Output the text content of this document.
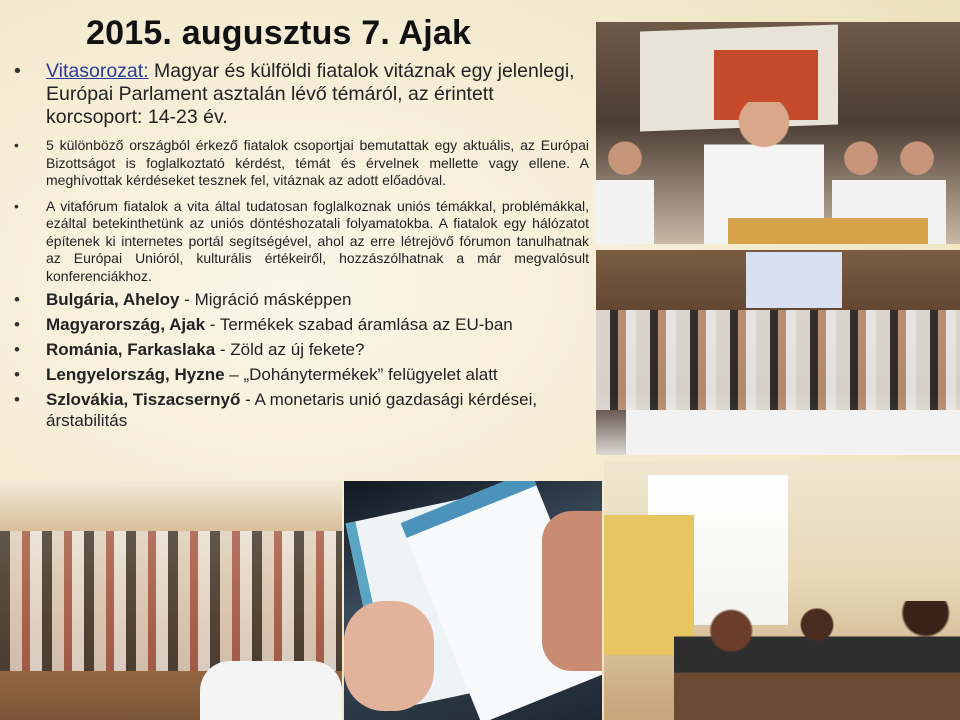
2015. augusztus 7. Ajak
• Vitasorozat: Magyar és külföldi fiatalok vitáznak egy jelenlegi, Európai Parlament asztalán lévő témáról, az érintett korcsoport: 14-23 év.
• 5 különböző országból érkező fiatalok csoportjai bemutattak egy aktuális, az Európai Bizottságot is foglalkoztató kérdést, témát és érvelnek mellette vagy ellene. A meghívottak kérdéseket tesznek fel, vitáznak az adott előadóval.
• A vitafórum fiatalok a vita által tudatosan foglalkoznak uniós témákkal, problémákkal, ezáltal betekinthetünk az uniós döntéshozatali folyamatokba. A fiatalok egy hálózatot építenek ki internetes portál segítségével, ahol az erre létrejövő fórumon tanulhatnak az Európai Unióról, kulturális értékeiről, hozzászólhatnak a már megvalósult konferenciákhoz.
• Bulgária, Aheloy - Migráció másképpen
• Magyarország, Ajak - Termékek szabad áramlása az EU-ban
• Románia, Farkaslaka - Zöld az új fekete?
• Lengyelország, Hyzne – „Dohánytermékek” felügyelet alatt
• Szlovákia, Tiszacsernyő - A monetaris unió gazdasági kérdései, árstabilitás
